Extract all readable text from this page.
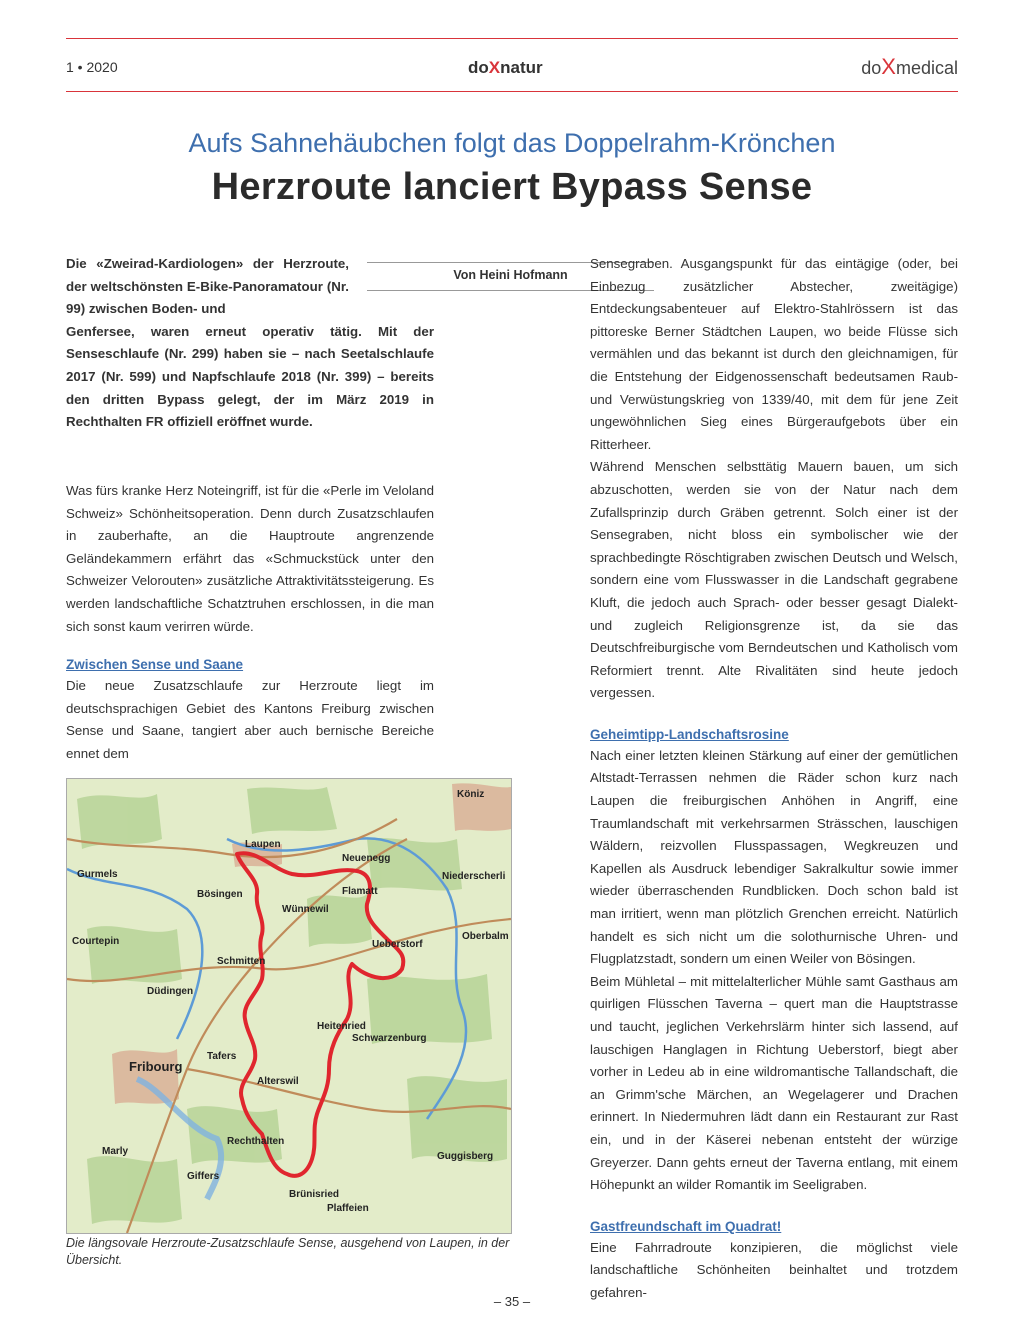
1 • 2020	doXnatur	doXmedical
Aufs Sahnehäubchen folgt das Doppelrahm-Krönchen
Herzroute lanciert Bypass Sense
Von Heini Hofmann
Die «Zweirad-Kardiologen» der Herzroute, der weltschönsten E-Bike-Panoramatour (Nr. 99) zwischen Boden- und
Genfersee, waren erneut operativ tätig. Mit der Senseschlaufe (Nr. 299) haben sie – nach Seetalschlaufe 2017 (Nr. 599) und Napfschlaufe 2018 (Nr. 399) – bereits den dritten Bypass gelegt, der im März 2019 in Rechthalten FR offiziell eröffnet wurde.

Was fürs kranke Herz Noteingriff, ist für die «Perle im Veloland Schweiz» Schönheitsoperation. Denn durch Zusatzschlaufen in zauberhafte, an die Hauptroute angrenzende Geländekammern erfährt das «Schmuckstück unter den Schweizer Velorouten» zusätzliche Attraktivitätssteigerung. Es werden landschaftliche Schatztruhen erschlossen, in die man sich sonst kaum verirren würde.

Zwischen Sense und Saane

Die neue Zusatzschlaufe zur Herzroute liegt im deutschsprachigen Gebiet des Kantons Freiburg zwischen Sense und Saane, tangiert aber auch bernische Bereiche ennet dem

Sensegraben. Ausgangspunkt für das eintägige (oder, bei Einbezug zusätzlicher Abstecher, zweitägige) Entdeckungsabenteuer auf Elektro-Stahlrössern ist das pittoreske Berner Städtchen Laupen, wo beide Flüsse sich vermählen und das bekannt ist durch den gleichnamigen, für die Entstehung der Eidgenossenschaft bedeutsamen Raub- und Verwüstungskrieg von 1339/40, mit dem für jene Zeit ungewöhnlichen Sieg eines Bürgeraufgebots über ein Ritterheer.

Während Menschen selbsttätig Mauern bauen, um sich abzuschotten, werden sie von der Natur nach dem Zufallsprinzip durch Gräben getrennt. Solch einer ist der Sensegraben, nicht bloss ein symbolischer wie der sprachbedingte Röschtigraben zwischen Deutsch und Welsch, sondern eine vom Flusswasser in die Landschaft gegrabene Kluft, die jedoch auch Sprach- oder besser gesagt Dialekt- und zugleich Religionsgrenze ist, da sie das Deutschfreiburgische vom Berndeutschen und Katholisch vom Reformiert trennt. Alte Rivalitäten sind heute jedoch vergessen.

Geheimtipp-Landschaftsrosine

Nach einer letzten kleinen Stärkung auf einer der gemütlichen Altstadt-Terrassen nehmen die Räder schon kurz nach Laupen die freiburgischen Anhöhen in Angriff, eine Traumlandschaft mit verkehrsarmen Strässchen, lauschigen Wäldern, reizvollen Flusspassagen, Wegkreuzen und Kapellen als Ausdruck lebendiger Sakralkultur sowie immer wieder überraschenden Rundblicken. Doch schon bald ist man irritiert, wenn man plötzlich Grenchen erreicht. Natürlich handelt es sich nicht um die solothurnische Uhren- und Flugplatzstadt, sondern um einen Weiler von Bösingen.

Beim Mühletal – mit mittelalterlicher Mühle samt Gasthaus am quirligen Flüsschen Taverna – quert man die Hauptstrasse und taucht, jeglichen Verkehrslärm hinter sich lassend, auf lauschigen Hanglagen in Richtung Ueberstorf, biegt aber vorher in Ledeu ab in eine wildromantische Tallandschaft, die an Grimm'sche Märchen, an Wegelagerer und Drachen erinnert. In Niedermuhren lädt dann ein Restaurant zur Rast ein, und in der Käserei nebenan entsteht der würzige Greyerzer. Dann gehts erneut der Taverna entlang, mit einem Höhepunkt an wilder Romantik im Seeligraben.

Gastfreundschaft im Quadrat!

Eine Fahrradroute konzipieren, die möglichst viele landschaftliche Schönheiten beinhaltet und trotzdem gefahren-

Laupen
Neuenegg
Flamatt
Wünnewil
Ueberstorf
Bösingen
Schmitten
Düdingen
Fribourg
Tafers
Alterswil
Heitenried
Schwarzenburg
Rechthalten
Brünisried
Köniz
Niederscherli
Gurmels
Courtepin
Marly
Giffers
Plaffeien
Oberbalm
Guggisberg
Die längsovale Herzroute-Zusatzschlaufe Sense, ausgehend von Laupen, in der Übersicht.
– 35 –
